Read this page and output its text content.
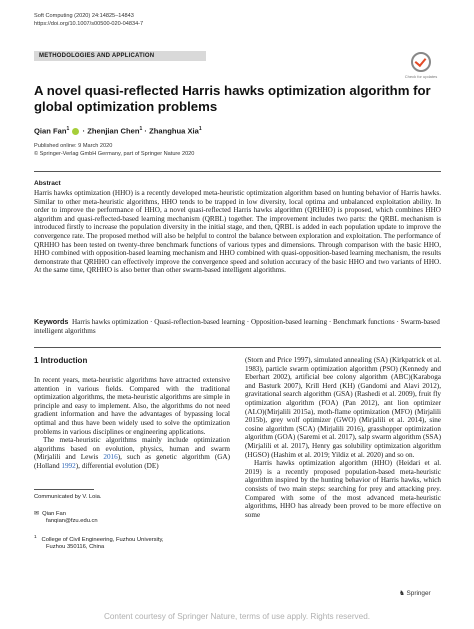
Soft Computing (2020) 24:14825–14843
https://doi.org/10.1007/s00500-020-04834-7
METHODOLOGIES AND APPLICATION
Check for updates
A novel quasi-reflected Harris hawks optimization algorithm for global optimization problems
Qian Fan$^1$ · Zhenjian Chen$^1$ · Zhanghua Xia$^1$
Published online: 9 March 2020
© Springer-Verlag GmbH Germany, part of Springer Nature 2020
Abstract
Harris hawks optimization (HHO) is a recently developed meta-heuristic optimization algorithm based on hunting behavior of Harris hawks. Similar to other meta-heuristic algorithms, HHO tends to be trapped in low diversity, local optima and unbalanced exploitation ability. In order to improve the performance of HHO, a novel quasi-reflected Harris hawks algorithm (QRHHO) is proposed, which combines HHO algorithm and quasi-reflected-based learning mechanism (QRBL) together. The improvement includes two parts: the QRBL mechanism is introduced firstly to increase the population diversity in the initial stage, and then, QRBL is added in each population update to improve the convergence rate. The proposed method will also be helpful to control the balance between exploration and exploitation. The performance of QRHHO has been tested on twenty-three benchmark functions of various types and dimensions. Through comparison with the basic HHO, HHO combined with opposition-based learning mechanism and HHO combined with quasi-opposition-based learning mechanism, the results demonstrate that QRHHO can effectively improve the convergence speed and solution accuracy of the basic HHO and two variants of HHO. At the same time, QRHHO is also better than other swarm-based intelligent algorithms.
Keywords Harris hawks optimization · Quasi-reflection-based learning · Opposition-based learning · Benchmark functions · Swarm-based intelligent algorithms
1 Introduction

In recent years, meta-heuristic algorithms have attracted extensive attention in various fields. Compared with the traditional optimization algorithms, the meta-heuristic algorithms are simple in principle and easy to implement. Also, the algorithms do not need gradient information and have the advantages of bypassing local optimal and thus have been widely used to solve the optimization problems in various disciplines or engineering applications.

The meta-heuristic algorithms mainly include optimization algorithms based on evolution, physics, human and swarm (Mirjalili and Lewis 2016), such as genetic algorithm (GA) (Holland 1992), differential evolution (DE)

Communicated by V. Loia.
✉ Qian Fan
fanqian@fzu.edu.cn
$^1$ College of Civil Engineering, Fuzhou University,
Fuzhou 350116, China

(Storn and Price 1997), simulated annealing (SA) (Kirkpatrick et al. 1983), particle swarm optimization algorithm (PSO) (Kennedy and Eberhart 2002), artificial bee colony algorithm (ABC)(Karaboga and Basturk 2007), Krill Herd (KH) (Gandomi and Alavi 2012), gravitational search algorithm (GSA) (Rashedi et al. 2009), fruit fly optimization algorithm (FOA) (Pan 2012), ant lion optimizer (ALO)(Mirjalili 2015a), moth-flame optimization (MFO) (Mirjalili 2015b), grey wolf optimizer (GWO) (Mirjalili et al. 2014), sine cosine algorithm (SCA) (Mirjalili 2016), grasshopper optimization algorithm (GOA) (Saremi et al. 2017), salp swarm algorithm (SSA) (Mirjalili et al. 2017), Henry gas solubility optimization algorithm (HGSO) (Hashim et al. 2019; Yildiz et al. 2020) and so on.

Harris hawks optimization algorithm (HHO) (Heidari et al. 2019) is a recently proposed population-based meta-heuristic algorithm inspired by the hunting behavior of Harris hawks, which consists of two main steps: searching for prey and attacking prey. Compared with some of the most advanced meta-heuristic algorithms, HHO has already been proved to be more effective on some

♞ Springer
Content courtesy of Springer Nature, terms of use apply. Rights reserved.
